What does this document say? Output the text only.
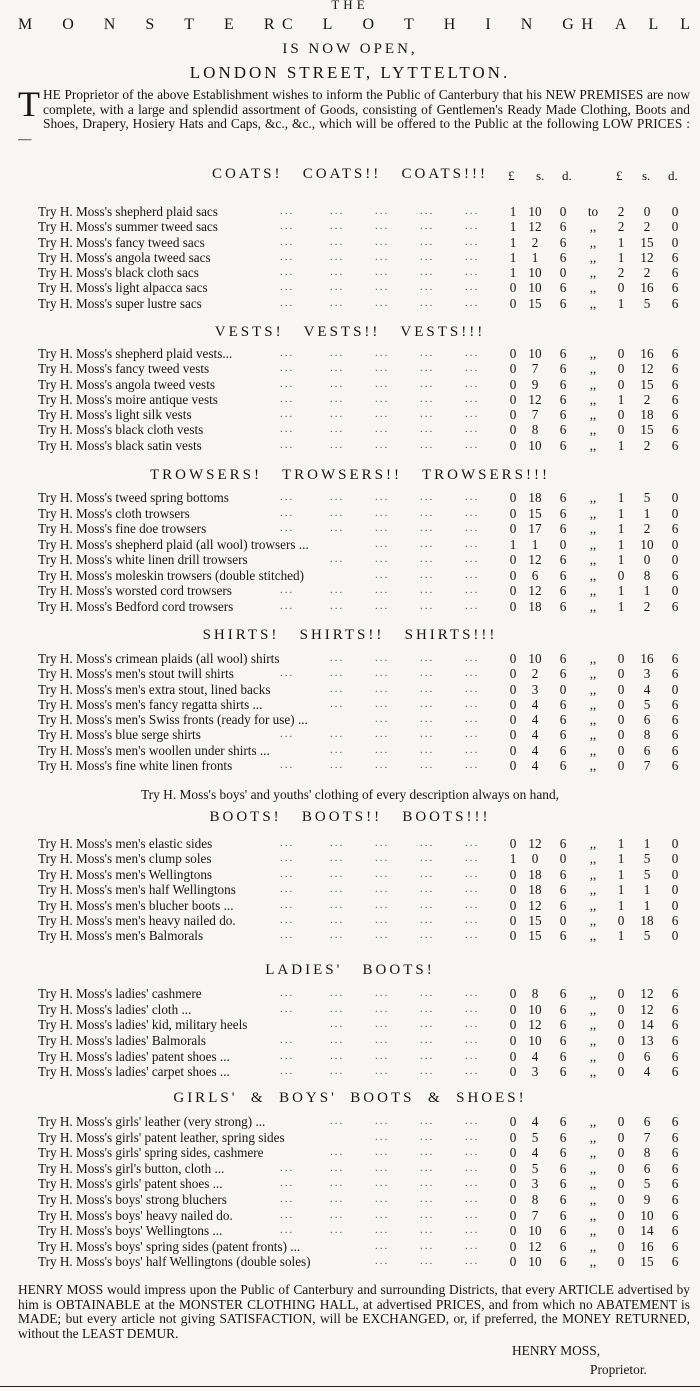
THE
M O N S T E R C L O T H I N G H A L L
IS NOW OPEN,
LONDON STREET, LYTTELTON.
THE Proprietor of the above Establishment wishes to inform the Public of Canterbury that his NEW PREMISES are now complete, with a large and splendid assortment of Goods, consisting of Gentlemen's Ready Made Clothing, Boots and Shoes, Drapery, Hosiery Hats and Caps, &c., &c., which will be offered to the Public at the following LOW PRICES :—
£ s. d.	£ s. d.
COATS!   COATS!!   COATS!!!
Try H. Moss's shepherd plaid sacs	...	...	...	...	... 1 10 0	to	2 0 0
Try H. Moss's summer tweed sacs	...	...	...	...	... 1 12 6	,,	2 2 0
Try H. Moss's fancy tweed sacs	...	...	...	...	... 1 2 6	,,	1 15 0
Try H. Moss's angola tweed sacs	...	...	...	...	... 1 1 6	,,	1 12 6
Try H. Moss's black cloth sacs	...	...	...	...	... 1 10 0	,,	2 2 6
Try H. Moss's light alpacca sacs	...	...	...	...	... 0 10 6	,,	0 16 6
Try H. Moss's super lustre sacs	...	...	...	...	... 0 15 6	,,	1 5 6
VESTS!   VESTS!!   VESTS!!!
Try H. Moss's shepherd plaid vests...	...	...	...	...	... 0 10 6	,,	0 16 6
Try H. Moss's fancy tweed vests	...	...	...	...	... 0 7 6	,,	0 12 6
Try H. Moss's angola tweed vests	...	...	...	...	... 0 9 6	,,	0 15 6
Try H. Moss's moire antique vests	...	...	...	...	... 0 12 6	,,	1 2 6
Try H. Moss's light silk vests	...	...	...	...	... 0 7 6	,,	0 18 6
Try H. Moss's black cloth vests	...	...	...	...	... 0 8 6	,,	0 15 6
Try H. Moss's black satin vests	...	...	...	...	... 0 10 6	,,	1 2 6
TROWSERS!   TROWSERS!!   TROWSERS!!!
Try H. Moss's tweed spring bottoms	...	...	...	...	... 0 18 6	,,	1 5 0
Try H. Moss's cloth trowsers	...	...	...	...	... 0 15 6	,,	1 1 0
Try H. Moss's fine doe trowsers	...	...	...	...	... 0 17 6	,,	1 2 6
Try H. Moss's shepherd plaid (all wool) trowsers ...	...	...	... 1 1 0	,,	1 10 0
Try H. Moss's white linen drill trowsers	...	...	...	... 0 12 6	,,	1 0 0
Try H. Moss's moleskin trowsers (double stitched)	...	...	... 0 6 6	,,	0 8 6
Try H. Moss's worsted cord trowsers	...	...	...	...	... 0 12 6	,,	1 1 0
Try H. Moss's Bedford cord trowsers	...	...	...	...	... 0 18 6	,,	1 2 6
SHIRTS!   SHIRTS!!   SHIRTS!!!
Try H. Moss's crimean plaids (all wool) shirts	...	...	...	... 0 10 6	,,	0 16 6
Try H. Moss's men's stout twill shirts	...	...	...	...	... 0 2 6	,,	0 3 6
Try H. Moss's men's extra stout, lined backs	...	...	...	... 0 3 0	,,	0 4 0
Try H. Moss's men's fancy regatta shirts ...	...	...	...	... 0 4 6	,,	0 5 6
Try H. Moss's men's Swiss fronts (ready for use) ...	...	...	... 0 4 6	,,	0 6 6
Try H. Moss's blue serge shirts	...	...	...	...	... 0 4 6	,,	0 8 6
Try H. Moss's men's woollen under shirts ...	...	...	...	... 0 4 6	,,	0 6 6
Try H. Moss's fine white linen fronts	...	...	...	...	... 0 4 6	,,	0 7 6
BOOTS!   BOOTS!!   BOOTS!!!
Try H. Moss's men's elastic sides	...	...	...	...	... 0 12 6	,,	1 1 0
Try H. Moss's men's clump soles	...	...	...	...	... 1 0 0	,,	1 5 0
Try H. Moss's men's Wellingtons	...	...	...	...	... 0 18 6	,,	1 5 0
Try H. Moss's men's half Wellingtons	...	...	...	...	... 0 18 6	,,	1 1 0
Try H. Moss's men's blucher boots ...	...	...	...	...	... 0 12 6	,,	1 1 0
Try H. Moss's men's heavy nailed do.	...	...	...	...	... 0 15 0	,,	0 18 6
Try H. Moss's men's Balmorals	...	...	...	...	... 0 15 6	,,	1 5 0
LADIES'   BOOTS!
Try H. Moss's ladies' cashmere	...	...	...	...	... 0 8 6	,,	0 12 6
Try H. Moss's ladies' cloth ...	...	...	...	...	... 0 10 6	,,	0 12 6
Try H. Moss's ladies' kid, military heels	...	...	...	... 0 12 6	,,	0 14 6
Try H. Moss's ladies' Balmorals	...	...	...	...	... 0 10 6	,,	0 13 6
Try H. Moss's ladies' patent shoes ...	...	...	...	...	... 0 4 6	,,	0 6 6
Try H. Moss's ladies' carpet shoes ...	...	...	...	...	... 0 3 6	,,	0 4 6
GIRLS'  &  BOYS'  BOOTS  &  SHOES!
Try H. Moss's girls' leather (very strong) ...	...	...	...	... 0 4 6	,,	0 6 6
Try H. Moss's girls' patent leather, spring sides	...	...	... 0 5 6	,,	0 7 6
Try H. Moss's girls' spring sides, cashmere	...	...	...	... 0 4 6	,,	0 8 6
Try H. Moss's girl's button, cloth ...	...	...	...	...	... 0 5 6	,,	0 6 6
Try H. Moss's girls' patent shoes ...	...	...	...	...	... 0 3 6	,,	0 5 6
Try H. Moss's boys' strong bluchers	...	...	...	...	... 0 8 6	,,	0 9 6
Try H. Moss's boys' heavy nailed do.	...	...	...	...	... 0 7 6	,,	0 10 6
Try H. Moss's boys' Wellingtons ...	...	...	...	...	... 0 10 6	,,	0 14 6
Try H. Moss's boys' spring sides (patent fronts) ...	...	...	... 0 12 6	,,	0 16 6
Try H. Moss's boys' half Wellingtons (double soles)	...	...	... 0 10 6	,,	0 15 6
Try H. Moss's boys' and youths' clothing of every description always on hand,
HENRY MOSS would impress upon the Public of Canterbury and surrounding Districts, that every ARTICLE advertised by him is OBTAINABLE at the MONSTER CLOTHING HALL, at advertised PRICES, and from which no ABATEMENT is MADE; but every article not giving SATISFACTION, will be EXCHANGED, or, if preferred, the MONEY RETURNED, without the LEAST DEMUR.
HENRY MOSS,
Proprietor.
